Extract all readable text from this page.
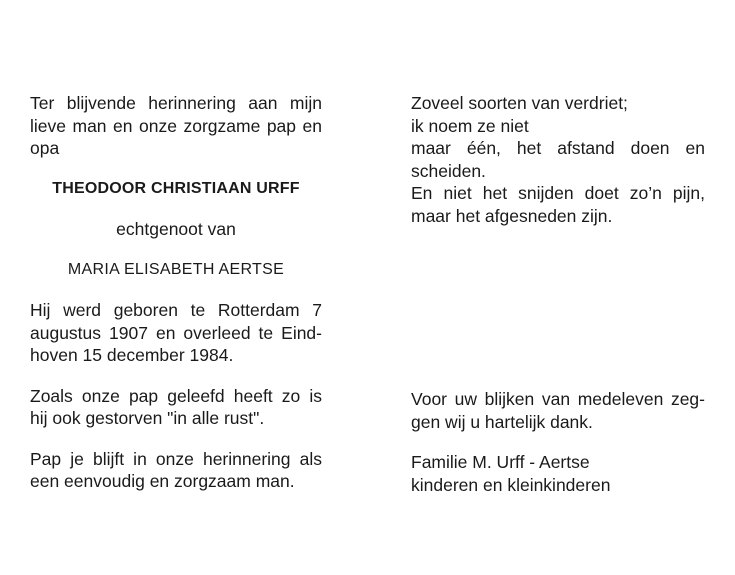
Ter blijvende herinnering aan mijn
lieve man en onze zorgzame pap en
opa
THEODOOR CHRISTIAAN URFF
echtgenoot van
MARIA ELISABETH AERTSE
Hij werd geboren te Rotterdam 7
augustus 1907 en overleed te Eind-
hoven 15 december 1984.
Zoals onze pap geleefd heeft zo is
hij ook gestorven "in alle rust".
Pap je blijft in onze herinnering als
een eenvoudig en zorgzaam man.
Zoveel soorten van verdriet;
ik noem ze niet
maar één, het afstand doen en
scheiden.
En niet het snijden doet zo’n pijn,
maar het afgesneden zijn.
Voor uw blijken van medeleven zeg-
gen wij u hartelijk dank.
Familie M. Urff - Aertse
kinderen en kleinkinderen
